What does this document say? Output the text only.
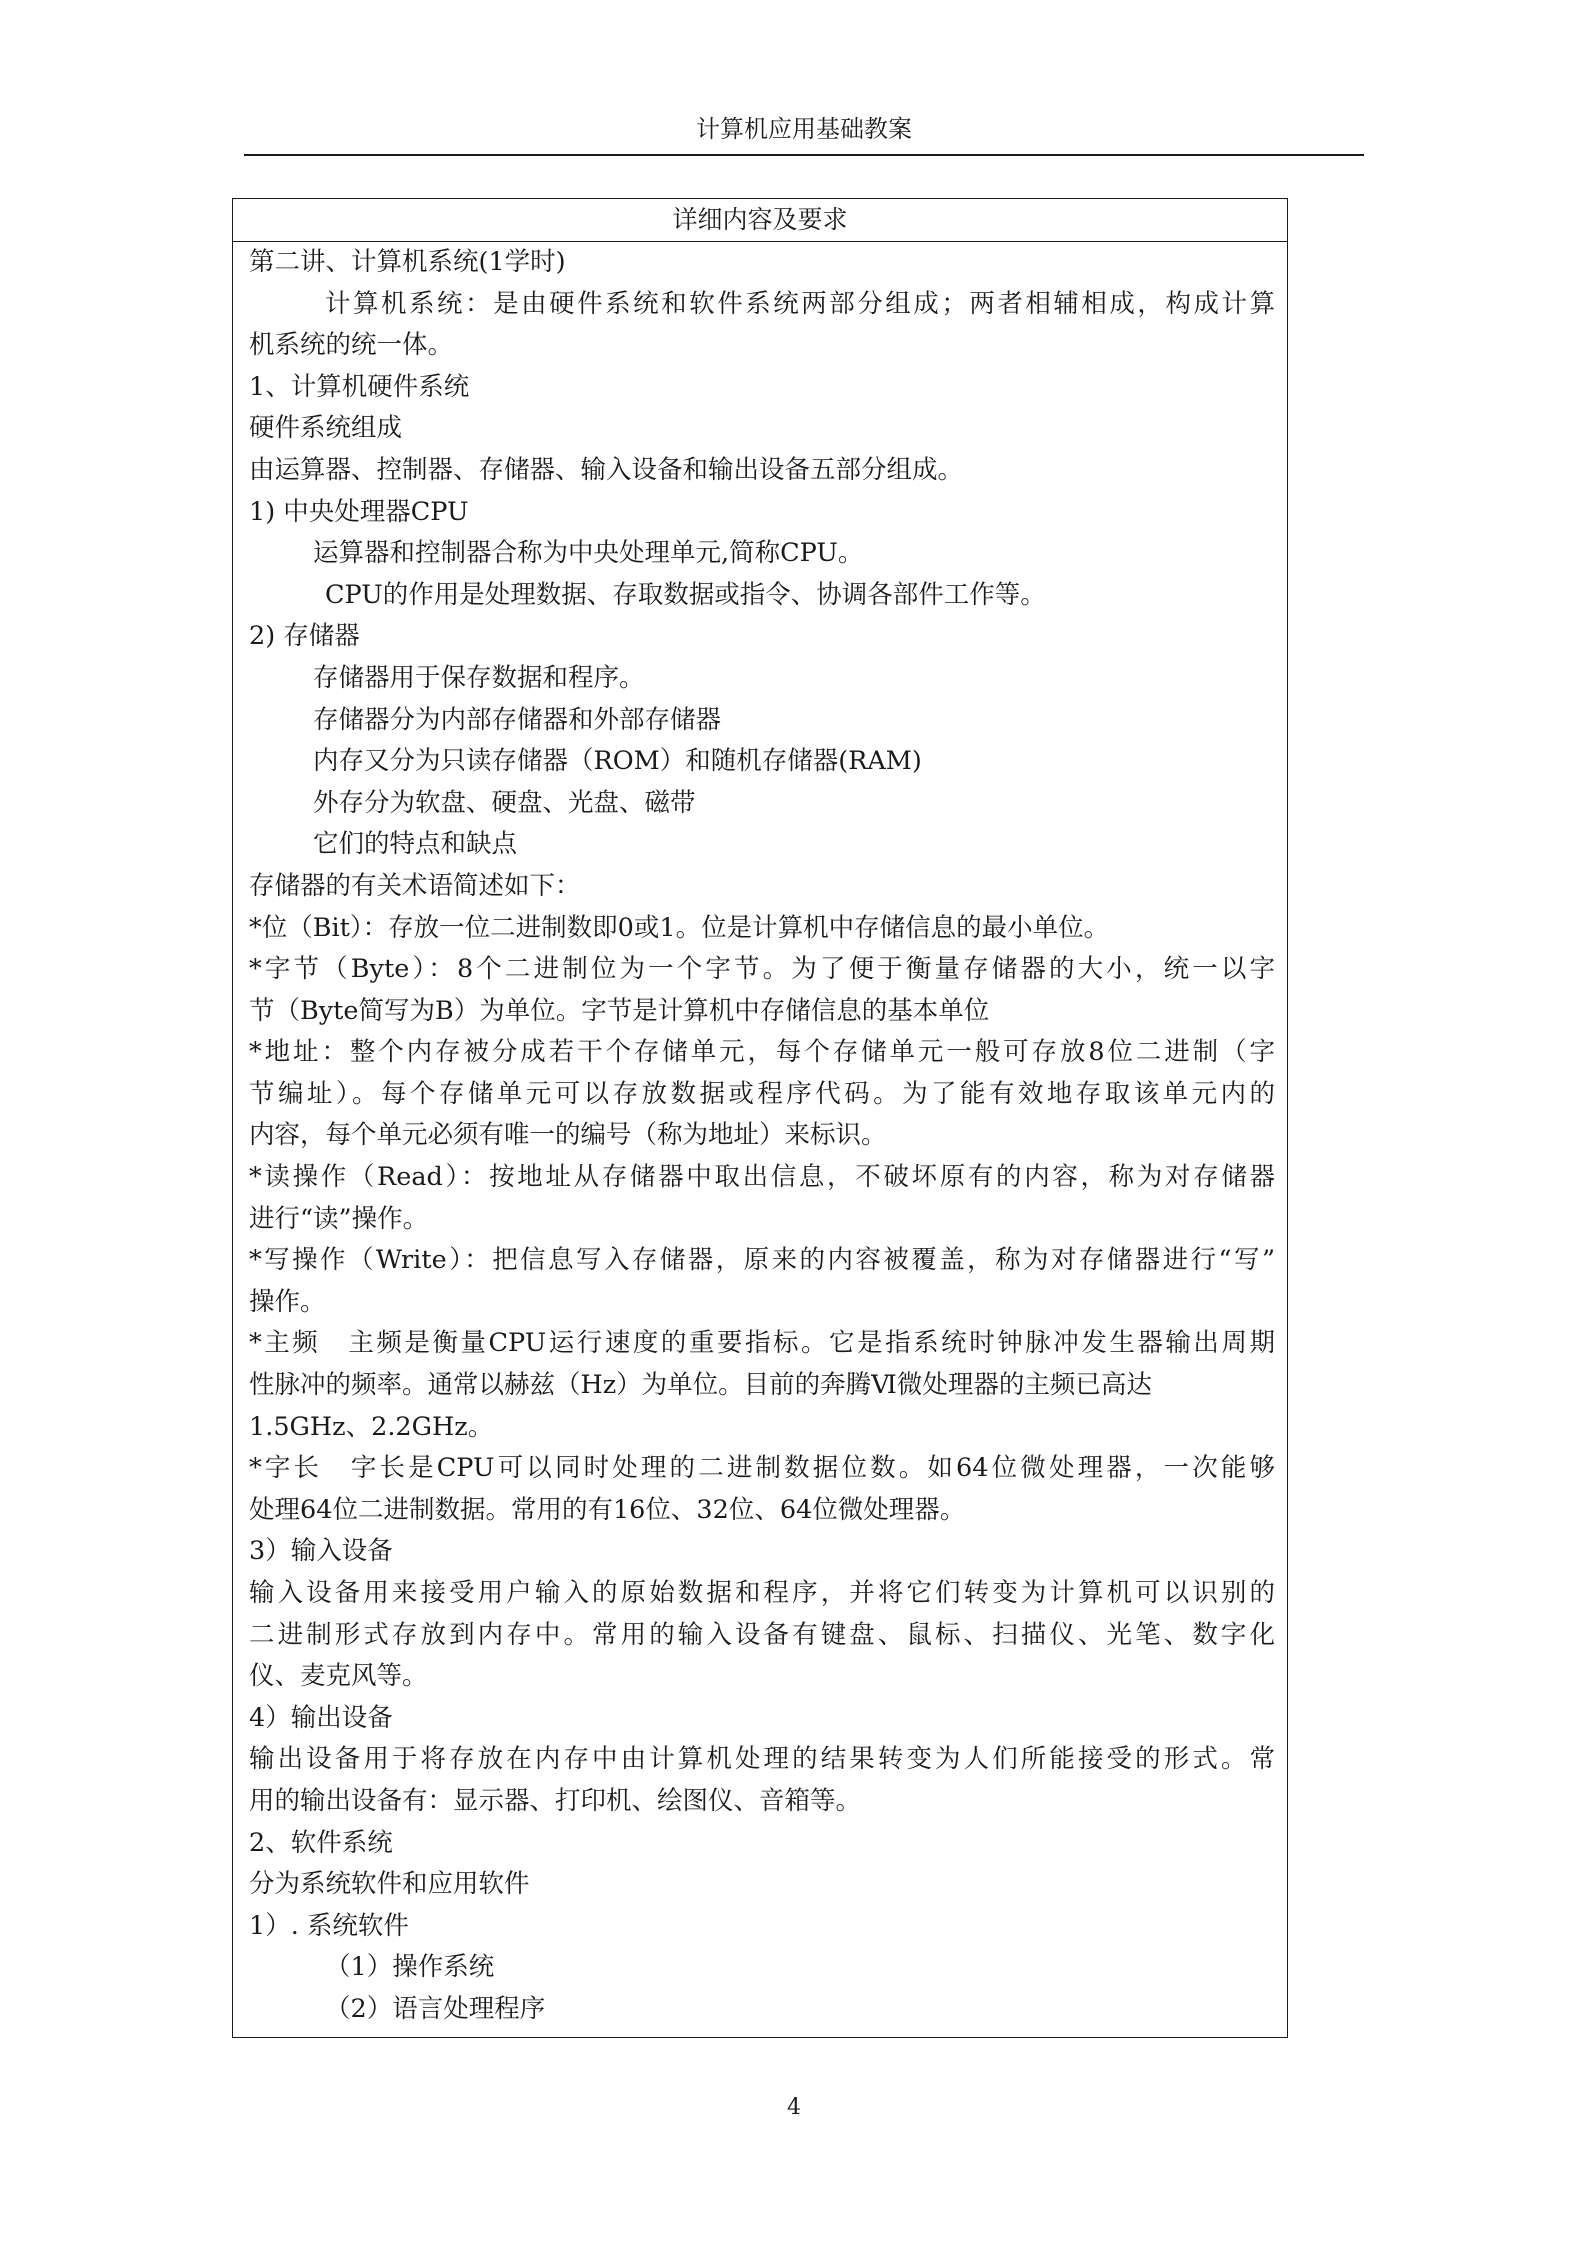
计算机应用基础教案
详细内容及要求
第二讲、计算机系统(1学时)
计算机系统：是由硬件系统和软件系统两部分组成；两者相辅相成，构成计算
机系统的统一体。
1、计算机硬件系统
硬件系统组成
由运算器、控制器、存储器、输入设备和输出设备五部分组成。
1) 中央处理器CPU
运算器和控制器合称为中央处理单元,简称CPU。
CPU的作用是处理数据、存取数据或指令、协调各部件工作等。
2) 存储器
存储器用于保存数据和程序。
存储器分为内部存储器和外部存储器
内存又分为只读存储器（ROM）和随机存储器(RAM)
外存分为软盘、硬盘、光盘、磁带
它们的特点和缺点
存储器的有关术语简述如下：
*位（Bit）：存放一位二进制数即0或1。位是计算机中存储信息的最小单位。
*字节（Byte）：8个二进制位为一个字节。为了便于衡量存储器的大小，统一以字
节（Byte简写为B）为单位。字节是计算机中存储信息的基本单位
*地址：整个内存被分成若干个存储单元，每个存储单元一般可存放8位二进制（字
节编址）。每个存储单元可以存放数据或程序代码。为了能有效地存取该单元内的
内容，每个单元必须有唯一的编号（称为地址）来标识。
*读操作（Read）：按地址从存储器中取出信息，不破坏原有的内容，称为对存储器
进行“读”操作。
*写操作（Write）：把信息写入存储器，原来的内容被覆盖，称为对存储器进行“写”
操作。
*主频　主频是衡量CPU运行速度的重要指标。它是指系统时钟脉冲发生器输出周期
性脉冲的频率。通常以赫兹（Hz）为单位。目前的奔腾Ⅵ微处理器的主频已高达
1.5GHz、2.2GHz。
*字长　字长是CPU可以同时处理的二进制数据位数。如64位微处理器，一次能够
处理64位二进制数据。常用的有16位、32位、64位微处理器。
3）输入设备
输入设备用来接受用户输入的原始数据和程序，并将它们转变为计算机可以识别的
二进制形式存放到内存中。常用的输入设备有键盘、鼠标、扫描仪、光笔、数字化
仪、麦克风等。
4）输出设备
输出设备用于将存放在内存中由计算机处理的结果转变为人们所能接受的形式。常
用的输出设备有：显示器、打印机、绘图仪、音箱等。
2、软件系统
分为系统软件和应用软件
1）. 系统软件
（1）操作系统
（2）语言处理程序
4
